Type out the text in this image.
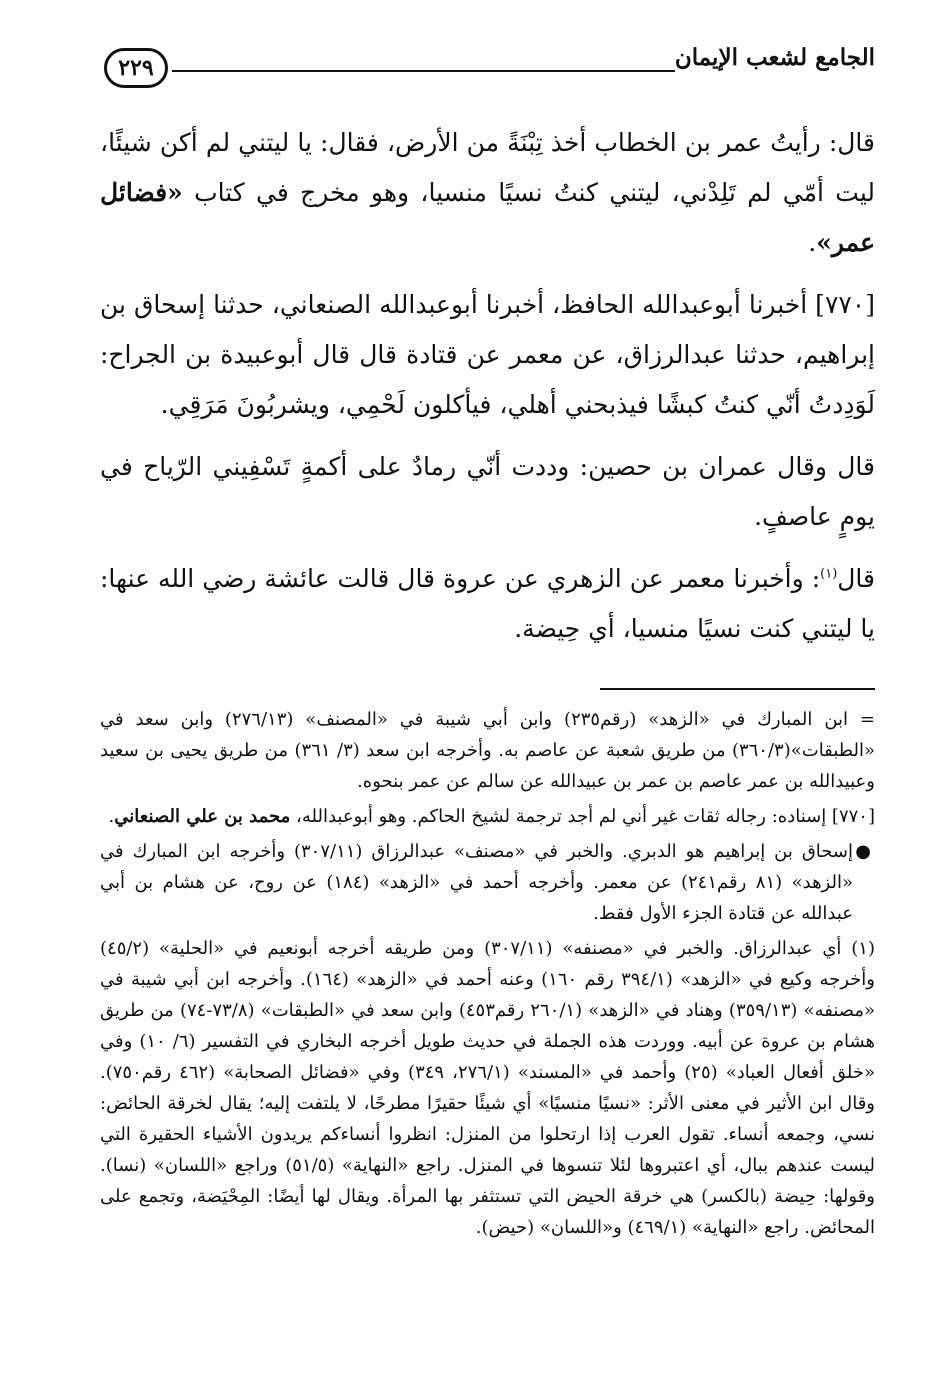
الجامع لشعب الإيمان
٢٢٩

قال: رأيتُ عمر بن الخطاب أخذ تِبْنَةً من الأرض، فقال: يا ليتني لم أكن شيئًا، ليت أمّي لم تَلِدْني، ليتني كنتُ نسيًا منسيا، وهو مخرج في كتاب «فضائل عمر».

[٧٧٠] أخبرنا أبوعبدالله الحافظ، أخبرنا أبوعبدالله الصنعاني، حدثنا إسحاق بن إبراهيم، حدثنا عبدالرزاق، عن معمر عن قتادة قال قال أبوعبيدة بن الجراح: لَوَدِدتُ أنّي كنتُ كبشًا فيذبحني أهلي، فيأكلون لَحْمِي، ويشربُونَ مَرَقِي.

قال وقال عمران بن حصين: وددت أنّي رمادٌ على أكمةٍ تَسْفِيني الرّياح في يومٍ عاصفٍ.

قال$^{(١)}$: وأخبرنا معمر عن الزهري عن عروة قال قالت عائشة رضي الله عنها: يا ليتني كنت نسيًا منسيا، أي حِيضة.

= ابن المبارك في «الزهد» (رقم٢٣٥) وابن أبي شيبة في «المصنف» (٢٧٦/١٣) وابن سعد في «الطبقات»(٣٦٠/٣) من طريق شعبة عن عاصم به. وأخرجه ابن سعد (٣/ ٣٦١) من طريق يحيى بن سعيد وعبيدالله بن عمر عاصم بن عمر بن عبيدالله عن سالم عن عمر بنحوه.

[٧٧٠] إسناده: رجاله ثقات غير أني لم أجد ترجمة لشيخ الحاكم. وهو أبوعبدالله، محمد بن علي الصنعاني.

●
إسحاق بن إبراهيم هو الدبري. والخبر في «مصنف» عبدالرزاق (٣٠٧/١١) وأخرجه ابن المبارك في «الزهد» (٨١ رقم٢٤١) عن معمر. وأخرجه أحمد في «الزهد» (١٨٤) عن روح، عن هشام بن أبي عبدالله عن قتادة الجزء الأول فقط.

(١) أي عبدالرزاق. والخبر في «مصنفه» (٣٠٧/١١) ومن طريقه أخرجه أبونعيم في «الحلية» (٤٥/٢) وأخرجه وكيع في «الزهد» (٣٩٤/١ رقم ١٦٠) وعنه أحمد في «الزهد» (١٦٤). وأخرجه ابن أبي شيبة في «مصنفه» (٣٥٩/١٣) وهناد في «الزهد» (٢٦٠/١ رقم٤٥٣) وابن سعد في «الطبقات» (٧٣/٨-٧٤) من طريق هشام بن عروة عن أبيه. ووردت هذه الجملة في حديث طويل أخرجه البخاري في التفسير (٦/ ١٠) وفي «خلق أفعال العباد» (٢٥) وأحمد في «المسند» (٢٧٦/١، ٣٤٩) وفي «فضائل الصحابة» (٤٦٢ رقم٧٥٠). وقال ابن الأثير في معنى الأثر: «نسيًا منسيًا» أي شيئًا حقيرًا مطرحًا، لا يلتفت إليه؛ يقال لخرقة الحائض: نسي، وجمعه أنساء. تقول العرب إذا ارتحلوا من المنزل: انظروا أنساءكم يريدون الأشياء الحقيرة التي ليست عندهم ببال، أي اعتبروها لئلا تنسوها في المنزل. راجع «النهاية» (٥١/٥) وراجع «اللسان» (نسا). وقولها: حِيضة (بالكسر) هي خرقة الحيض التي تستثفر بها المرأة. ويقال لها أيضًا: المِحْيَضة، وتجمع على المحائض. راجع «النهاية» (٤٦٩/١) و«اللسان» (حيض).
